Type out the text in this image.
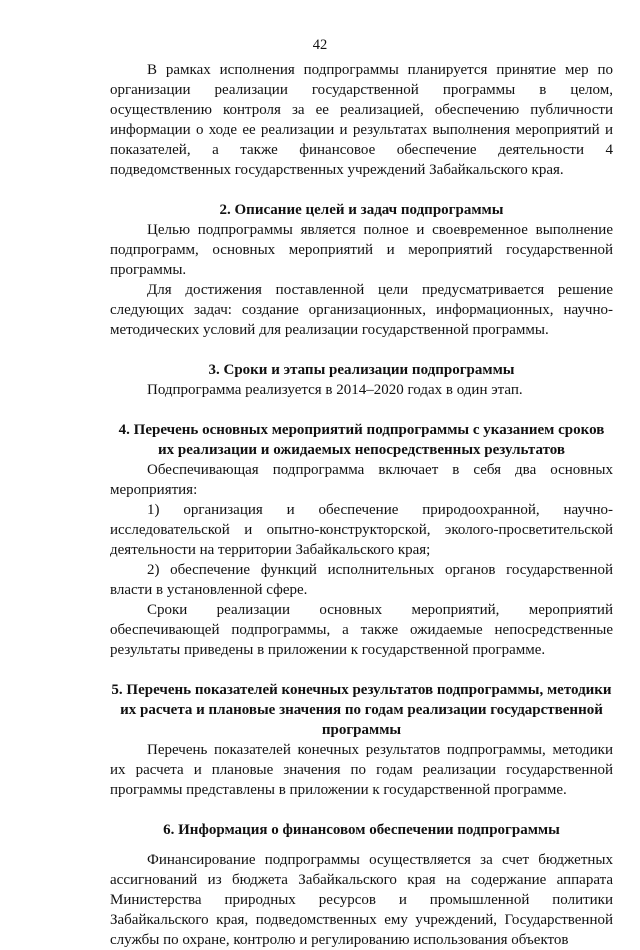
42

В рамках исполнения подпрограммы планируется принятие мер по организации реализации государственной программы в целом, осуществлению контроля за ее реализацией, обеспечению публичности информации о ходе ее реализации и результатах выполнения мероприятий и показателей, а также финансовое обеспечение деятельности 4 подведомственных государственных учреждений Забайкальского края.

2. Описание целей и задач подпрограммы

Целью подпрограммы является полное и своевременное выполнение подпрограмм, основных мероприятий и мероприятий государственной программы.

Для достижения поставленной цели предусматривается решение следующих задач: создание организационных, информационных, научно-методических условий для реализации государственной программы.

3. Сроки и этапы реализации подпрограммы

Подпрограмма реализуется в 2014–2020 годах в один этап.

4. Перечень основных мероприятий подпрограммы с указанием сроков их реализации и ожидаемых непосредственных результатов

Обеспечивающая подпрограмма включает в себя два основных мероприятия:

1) организация и обеспечение природоохранной, научно-исследовательской и опытно-конструкторской, эколого-просветительской деятельности на территории Забайкальского края;

2) обеспечение функций исполнительных органов государственной власти в установленной сфере.

Сроки реализации основных мероприятий, мероприятий обеспечивающей подпрограммы, а также ожидаемые непосредственные результаты приведены в приложении к государственной программе.

5. Перечень показателей конечных результатов подпрограммы, методики их расчета и плановые значения по годам реализации государственной программы

Перечень показателей конечных результатов подпрограммы, методики их расчета и плановые значения по годам реализации государственной программы представлены в приложении к государственной программе.

6. Информация о финансовом обеспечении подпрограммы

Финансирование подпрограммы осуществляется за счет бюджетных ассигнований из бюджета Забайкальского края на содержание аппарата Министерства природных ресурсов и промышленной политики Забайкальского края, подведомственных ему учреждений, Государственной службы по охране, контролю и регулированию использования объектов
